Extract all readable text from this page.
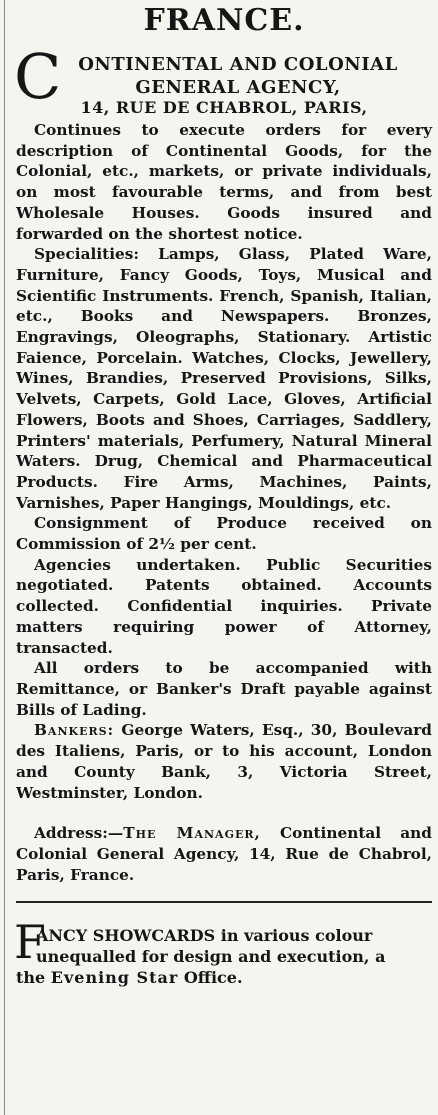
FRANCE.
C ONTINENTAL AND COLONIAL
GENERAL AGENCY,
14, RUE DE CHABROL, PARIS,

Continues to execute orders for every description of Continental Goods, for the Colonial, etc., markets, or private individuals, on most favourable terms, and from best Wholesale Houses. Goods insured and forwarded on the shortest notice.

Specialities: Lamps, Glass, Plated Ware, Furniture, Fancy Goods, Toys, Musical and Scientific Instruments. French, Spanish, Italian, etc., Books and Newspapers. Bronzes, Engravings, Oleographs, Stationary. Artistic Faience, Porcelain. Watches, Clocks, Jewellery, Wines, Brandies, Preserved Provisions, Silks, Velvets, Carpets, Gold Lace, Gloves, Artificial Flowers, Boots and Shoes, Carriages, Saddlery, Printers' materials, Perfumery, Natural Mineral Waters. Drug, Chemical and Pharmaceutical Products. Fire Arms, Machines, Paints, Varnishes, Paper Hangings, Mouldings, etc.

Consignment of Produce received on Commission of 2½ per cent.

Agencies undertaken. Public Securities negotiated. Patents obtained. Accounts collected. Confidential inquiries. Private matters requiring power of Attorney, transacted.

All orders to be accompanied with Remittance, or Banker's Draft payable against Bills of Lading.

Bankers: George Waters, Esq., 30, Boulevard des Italiens, Paris, or to his account, London and County Bank, 3, Victoria Street, Westminster, London.

Address:—The Manager, Continental and Colonial General Agency, 14, Rue de Chabrol, Paris, France.

F
ANCY SHOWCARDS in various colour
unequalled for design and execution, a
the Evening Star Office.
